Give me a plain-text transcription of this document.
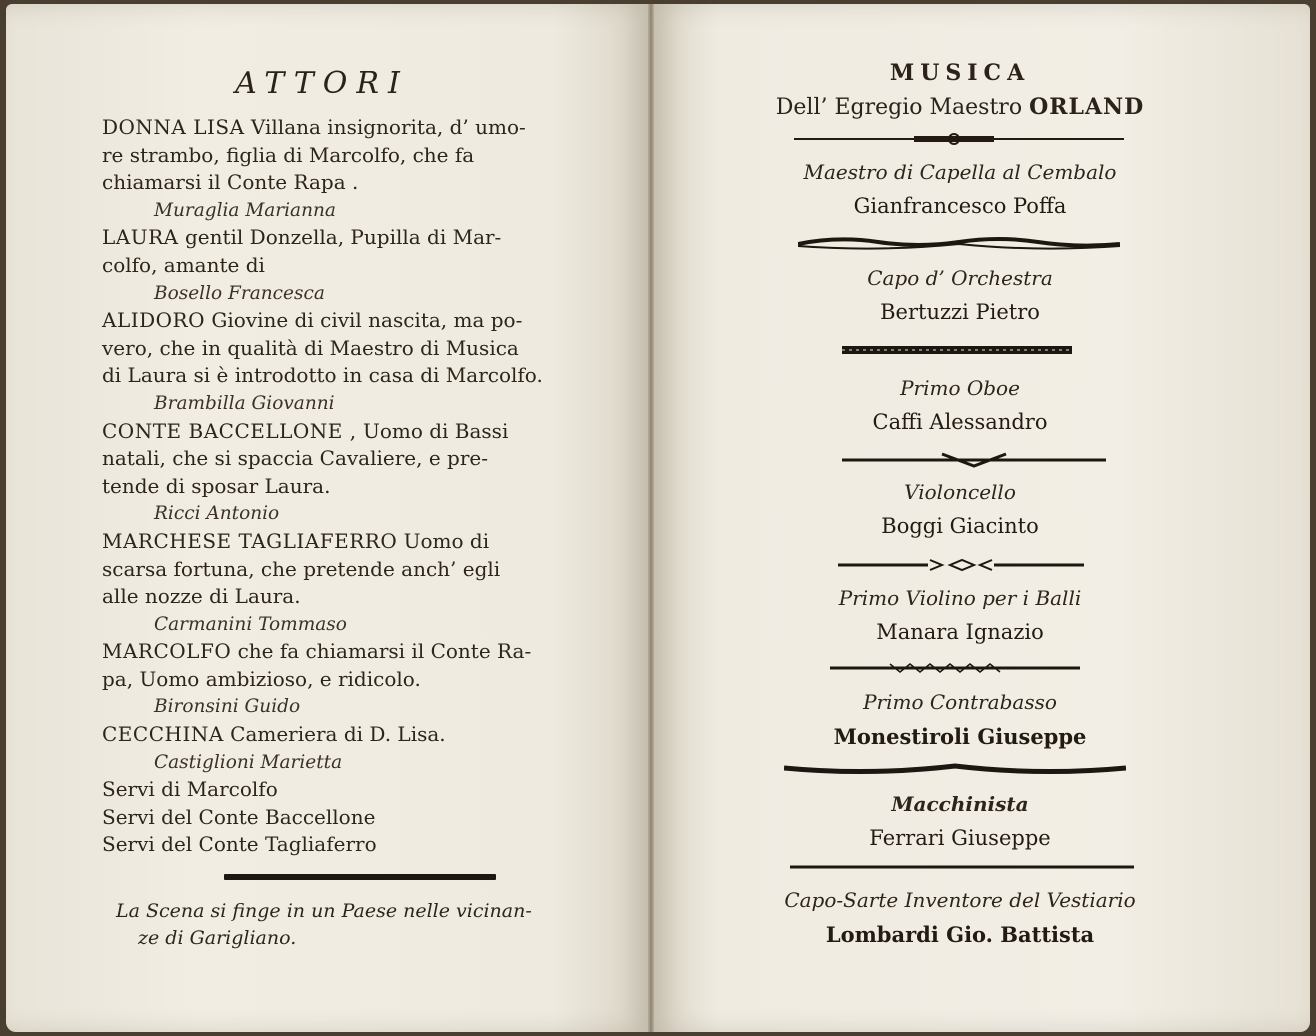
ATTORI
DONNA LISA Villana insignorita, d’ umo-
re strambo, figlia di Marcolfo, che fa
chiamarsi il Conte Rapa .
Muraglia Marianna
LAURA gentil Donzella, Pupilla di Mar-
colfo, amante di
Bosello Francesca
ALIDORO Giovine di civil nascita, ma po-
vero, che in qualità di Maestro di Musica
di Laura si è introdotto in casa di Marcolfo.
Brambilla Giovanni
CONTE BACCELLONE , Uomo di Bassi
natali, che si spaccia Cavaliere, e pre-
tende di sposar Laura.
Ricci Antonio
MARCHESE TAGLIAFERRO Uomo di
scarsa fortuna, che pretende anch’ egli
alle nozze di Laura.
Carmanini Tommaso
MARCOLFO che fa chiamarsi il Conte Ra-
pa, Uomo ambizioso, e ridicolo.
Bironsini Guido
CECCHINA Cameriera di D. Lisa.
Castiglioni Marietta
Servi di Marcolfo
Servi del Conte Baccellone
Servi del Conte Tagliaferro
La Scena si finge in un Paese nelle vicinan-
ze di Garigliano.
MUSICA
Dell’ Egregio Maestro ORLAND
Maestro di Capella al Cembalo
Gianfrancesco Poffa
Capo d’ Orchestra
Bertuzzi Pietro
Primo Oboe
Caffi Alessandro
Violoncello
Boggi Giacinto
Primo Violino per i Balli
Manara Ignazio
Primo Contrabasso
Monestiroli Giuseppe
Macchinista
Ferrari Giuseppe
Capo-Sarte Inventore del Vestiario
Lombardi Gio. Battista
